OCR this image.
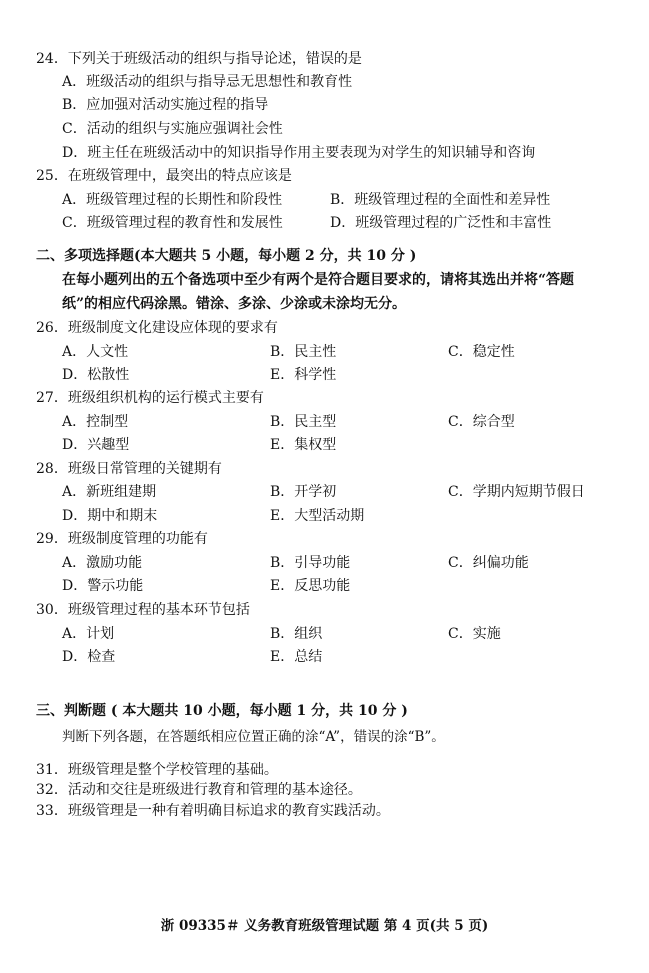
24．下列关于班级活动的组织与指导论述，错误的是
A．班级活动的组织与指导忌无思想性和教育性
B．应加强对活动实施过程的指导
C．活动的组织与实施应强调社会性
D．班主任在班级活动中的知识指导作用主要表现为对学生的知识辅导和咨询
25．在班级管理中，最突出的特点应该是
A．班级管理过程的长期性和阶段性	B．班级管理过程的全面性和差异性
C．班级管理过程的教育性和发展性	D．班级管理过程的广泛性和丰富性
二、多项选择题(本大题共 5 小题，每小题 2 分，共 10 分 )
在每小题列出的五个备选项中至少有两个是符合题目要求的，请将其选出并将“答题
纸”的相应代码涂黑。错涂、多涂、少涂或未涂均无分。
26．班级制度文化建设应体现的要求有
A．人文性	B．民主性	C．稳定性
D．松散性	E．科学性
27．班级组织机构的运行模式主要有
A．控制型	B．民主型	C．综合型
D．兴趣型	E．集权型
28．班级日常管理的关键期有
A．新班组建期	B．开学初	C．学期内短期节假日
D．期中和期末	E．大型活动期
29．班级制度管理的功能有
A．激励功能	B．引导功能	C．纠偏功能
D．警示功能	E．反思功能
30．班级管理过程的基本环节包括
A．计划	B．组织	C．实施
D．检查	E．总结
三、判断题 ( 本大题共 10 小题，每小题 1 分，共 10 分 )
判断下列各题，在答题纸相应位置正确的涂“A”，错误的涂“B”。
31．班级管理是整个学校管理的基础。
32．活动和交往是班级进行教育和管理的基本途径。
33．班级管理是一种有着明确目标追求的教育实践活动。
浙 09335＃ 义务教育班级管理试题 第 4 页(共 5 页)
